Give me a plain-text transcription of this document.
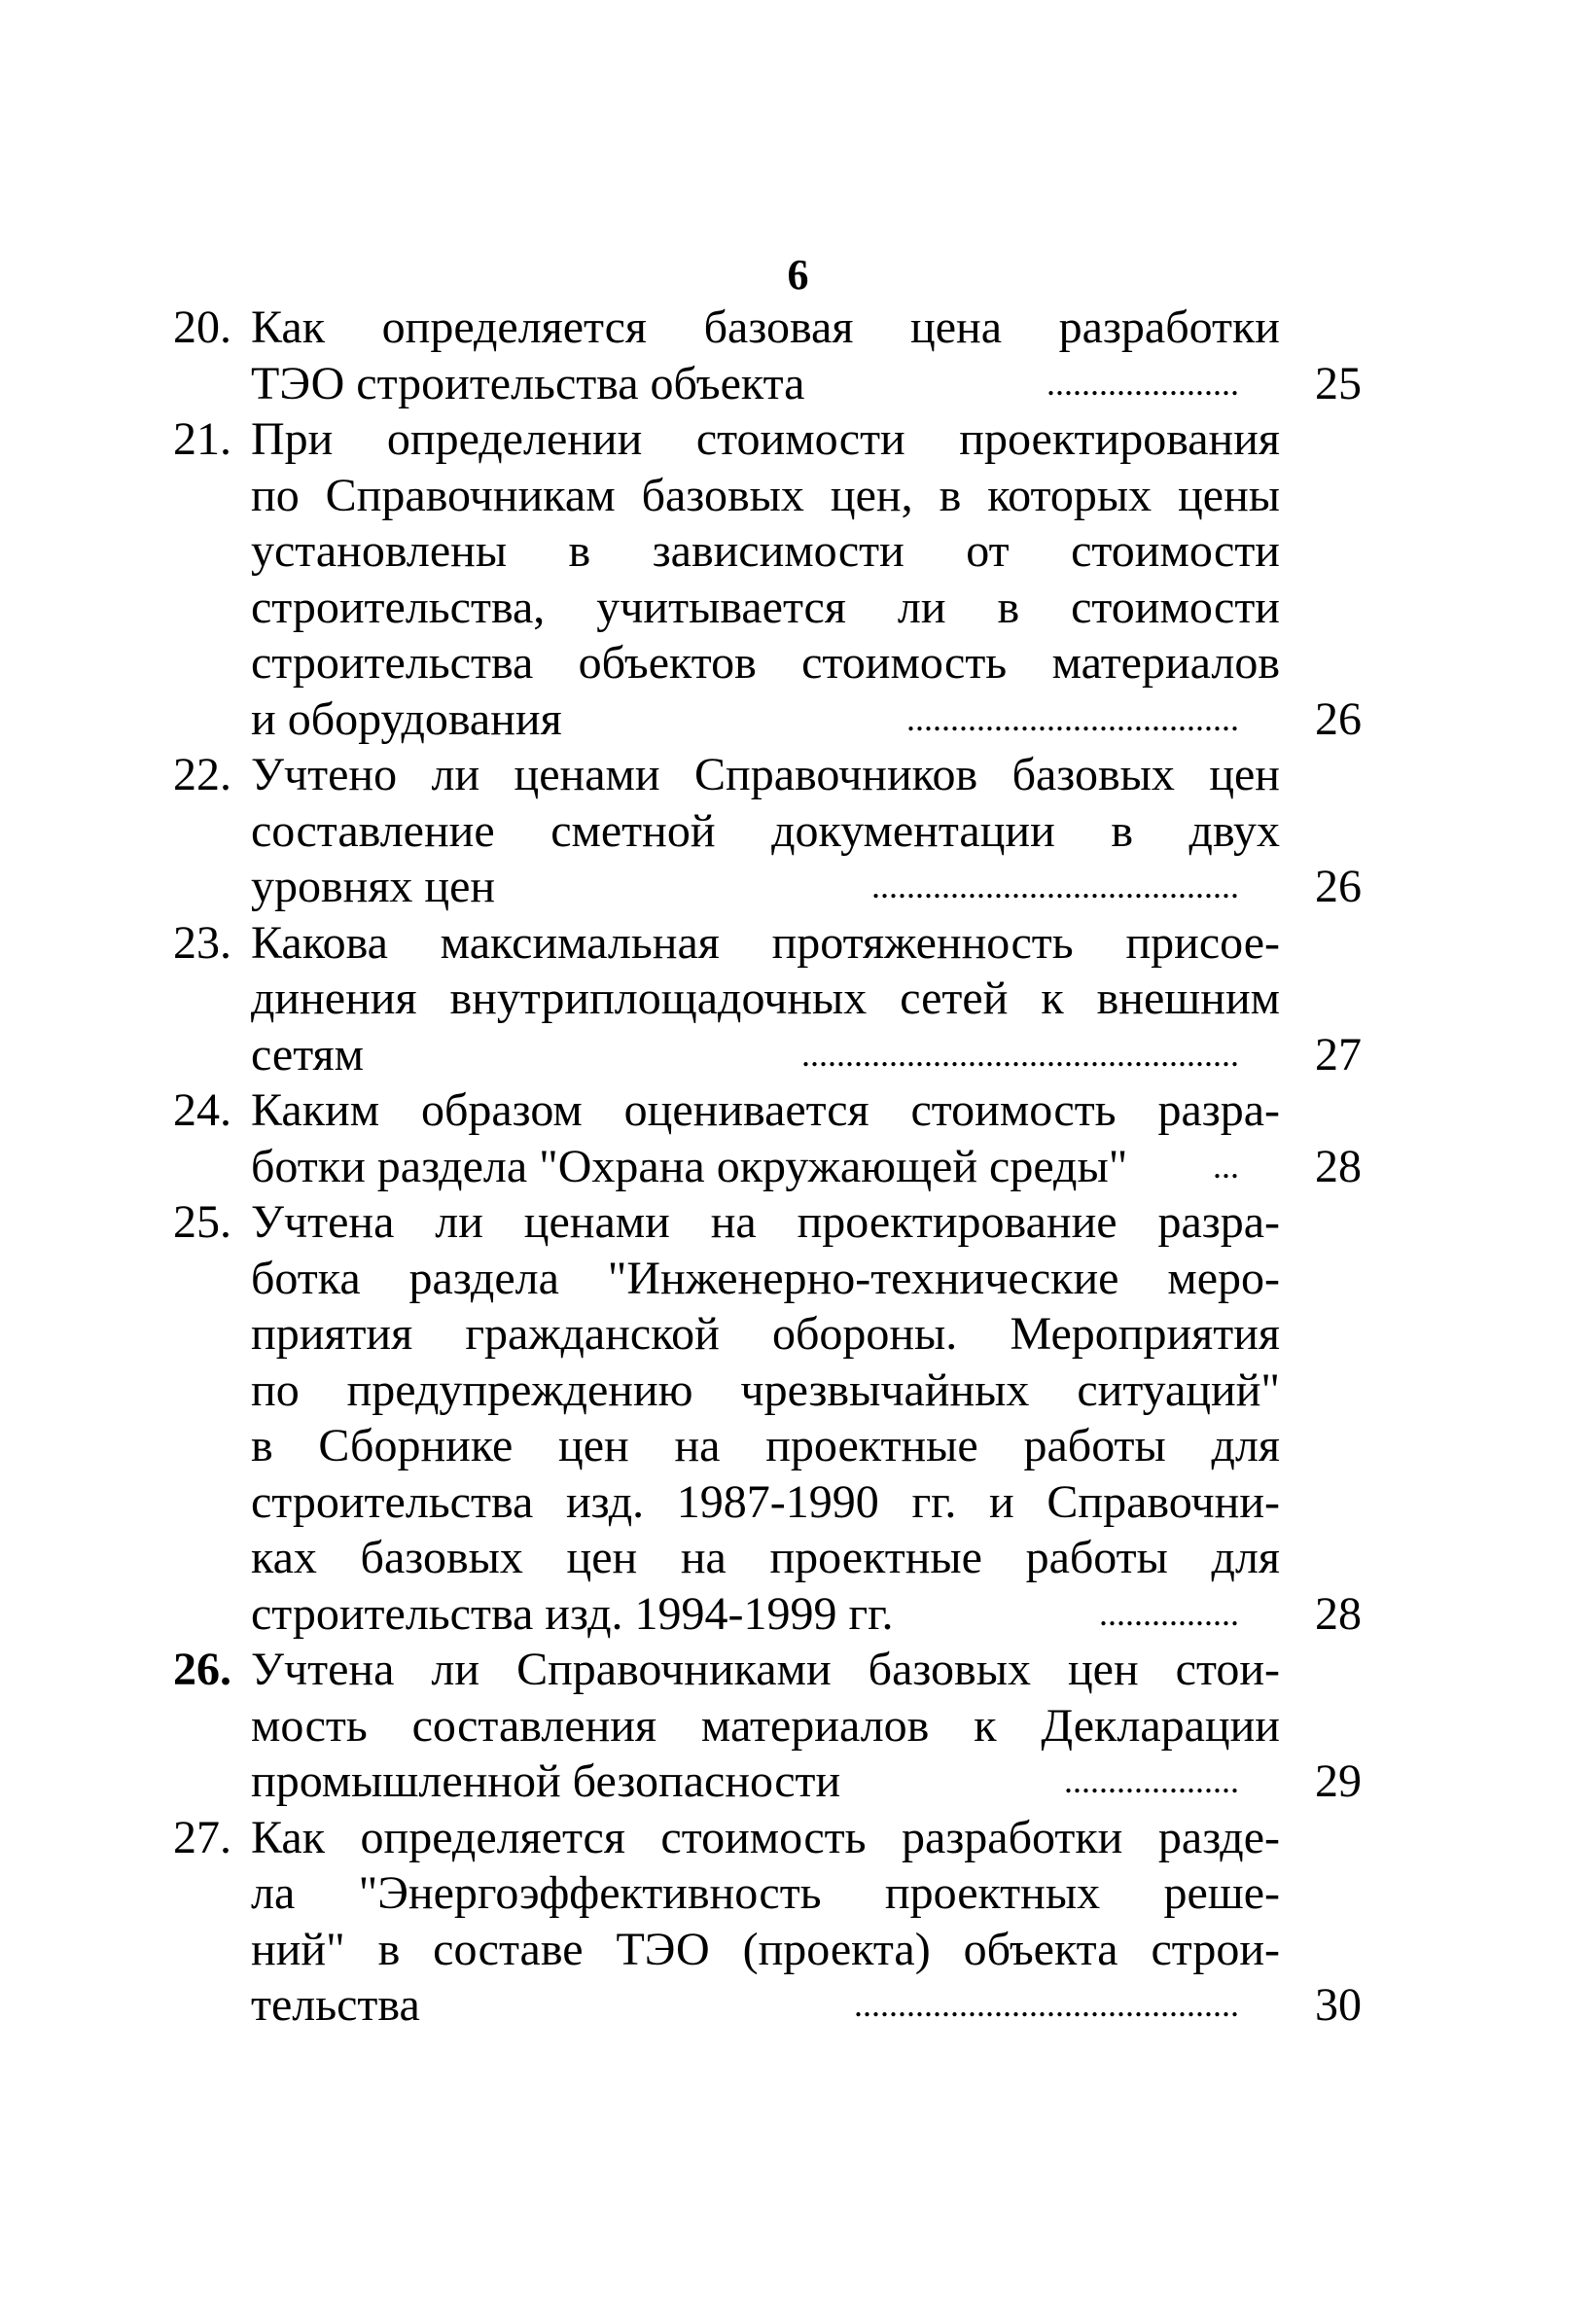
6
20. Как определяется базовая цена разработки
ТЭО строительства объекта	...................... 25
21. При определении стоимости проектирования
по Справочникам базовых цен, в которых цены
установлены в зависимости от стоимости
строительства, учитывается ли в стоимости
строительства объектов стоимость материалов
и оборудования	...................................... 26
22. Учтено ли ценами Справочников базовых цен
составление сметной документации в двух
уровнях цен	.......................................... 26
23. Какова максимальная протяженность присое-
динения внутриплощадочных сетей к внешним
сетям	.................................................. 27
24. Каким образом оценивается стоимость разра-
ботки раздела "Охрана окружающей среды" ... 28
25. Учтена ли ценами на проектирование разра-
ботка раздела "Инженерно-технические меро-
приятия гражданской обороны. Мероприятия
по предупреждению чрезвычайных ситуаций"
в Сборнике цен на проектные работы для
строительства изд. 1987-1990 гг. и Справочни-
ках базовых цен на проектные работы для
строительства изд. 1994-1999 гг.	................ 28
26. Учтена ли Справочниками базовых цен стои-
мость составления материалов к Декларации
промышленной безопасности	.................... 29
27. Как определяется стоимость разработки разде-
ла "Энергоэффективность проектных реше-
ний" в составе ТЭО (проекта) объекта строи-
тельства	............................................ 30
